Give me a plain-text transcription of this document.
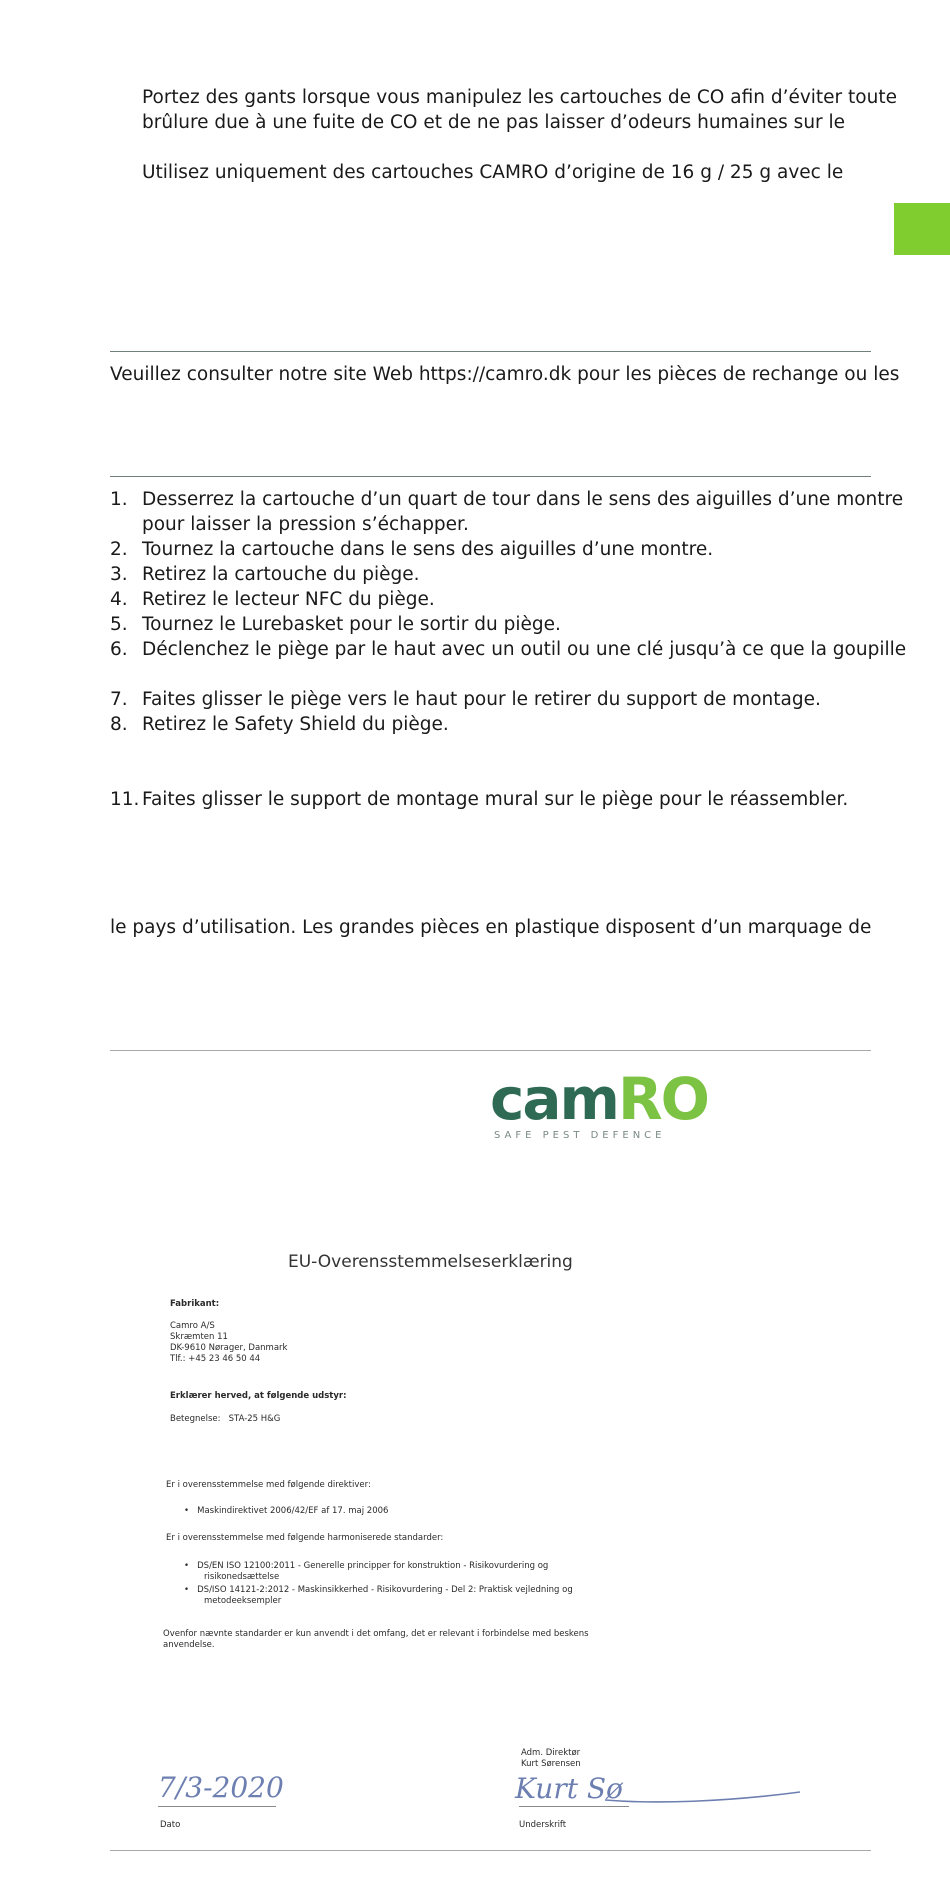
Portez des gants lorsque vous manipulez les cartouches de CO afin d’éviter toute
brûlure due à une fuite de CO et de ne pas laisser d’odeurs humaines sur le
Utilisez uniquement des cartouches CAMRO d’origine de 16 g / 25 g avec le
Veuillez consulter notre site Web https://camro.dk pour les pièces de rechange ou les
1. Desserrez la cartouche d’un quart de tour dans le sens des aiguilles d’une montre
pour laisser la pression s’échapper.
2. Tournez la cartouche dans le sens des aiguilles d’une montre.
3. Retirez la cartouche du piège.
4. Retirez le lecteur NFC du piège.
5. Tournez le Lurebasket pour le sortir du piège.
6. Déclenchez le piège par le haut avec un outil ou une clé jusqu’à ce que la goupille
7. Faites glisser le piège vers le haut pour le retirer du support de montage.
8. Retirez le Safety Shield du piège.
11. Faites glisser le support de montage mural sur le piège pour le réassembler.
le pays d’utilisation. Les grandes pièces en plastique disposent d’un marquage de
camRO
SAFE PEST DEFENCE
EU-Overensstemmelseserklæring
Fabrikant:
Camro A/S
Skræmten 11
DK-9610 Nørager, Danmark
Tlf.: +45 23 46 50 44
Erklærer herved, at følgende udstyr:
Betegnelse: STA-25 H&G
Er i overensstemmelse med følgende direktiver:
•   Maskindirektivet 2006/42/EF af 17. maj 2006
Er i overensstemmelse med følgende harmoniserede standarder:
•   DS/EN ISO 12100:2011 - Generelle principper for konstruktion - Risikovurdering og
risikonedsættelse
•   DS/ISO 14121-2:2012 - Maskinsikkerhed - Risikovurdering - Del 2: Praktisk vejledning og
metodeeksempler
Ovenfor nævnte standarder er kun anvendt i det omfang, det er relevant i forbindelse med beskens
anvendelse.
Adm. Direktør
Kurt Sørensen
7/3-2020
Dato
Kurt Sø
Underskrift
